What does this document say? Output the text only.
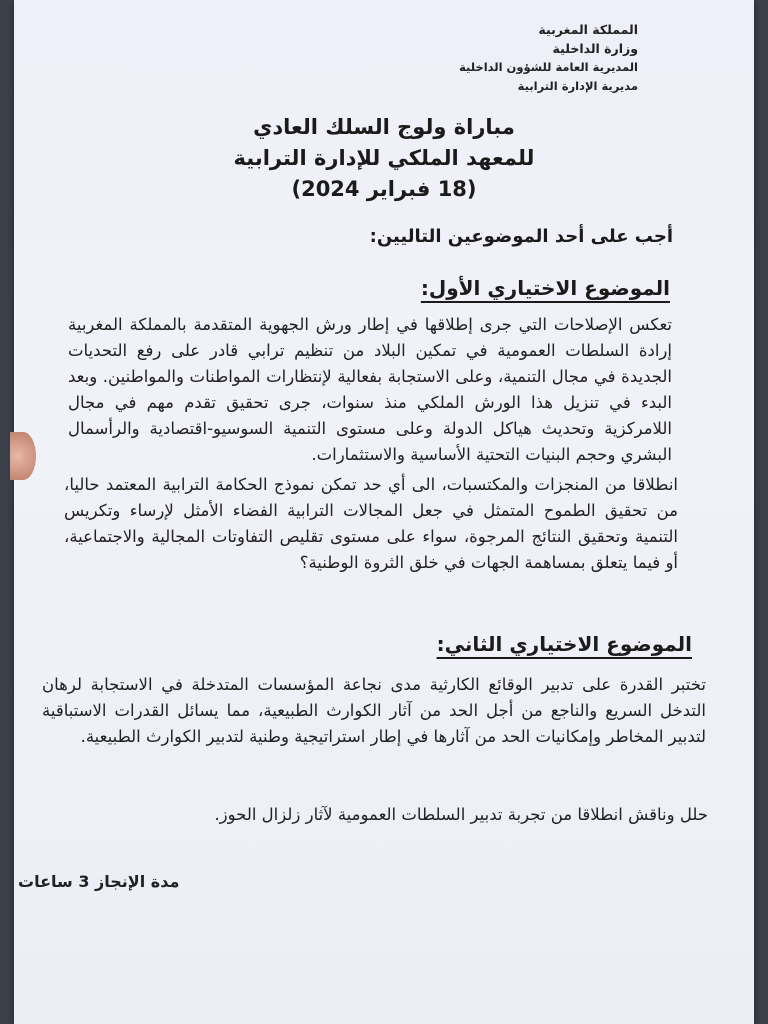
المملكة المغربية
وزارة الداخلية
المديرية العامة للشؤون الداخلية
مديرية الإدارة الترابية
مباراة ولوج السلك العادي
للمعهد الملكي للإدارة الترابية
(18 فبراير 2024)
أجب على أحد الموضوعين التاليين:
الموضوع الاختياري الأول:
تعكس الإصلاحات التي جرى إطلاقها في إطار ورش الجهوية المتقدمة بالمملكة المغربية إرادة السلطات العمومية في تمكين البلاد من تنظيم ترابي قادر على رفع التحديات الجديدة في مجال التنمية، وعلى الاستجابة بفعالية لإنتظارات المواطنات والمواطنين. وبعد البدء في تنزيل هذا الورش الملكي منذ سنوات، جرى تحقيق تقدم مهم في مجال اللامركزية وتحديث هياكل الدولة وعلى مستوى التنمية السوسيو-اقتصادية والرأسمال البشري وحجم البنيات التحتية الأساسية والاستثمارات.
انطلاقا من المنجزات والمكتسبات، الى أي حد تمكن نموذج الحكامة الترابية المعتمد حاليا، من تحقيق الطموح المتمثل في جعل المجالات الترابية الفضاء الأمثل لإرساء وتكريس التنمية وتحقيق النتائج المرجوة، سواء على مستوى تقليص التفاوتات المجالية والاجتماعية، أو فيما يتعلق بمساهمة الجهات في خلق الثروة الوطنية؟
الموضوع الاختياري الثاني:
تختبر القدرة على تدبير الوقائع الكارثية مدى نجاعة المؤسسات المتدخلة في الاستجابة لرهان التدخل السريع والناجع من أجل الحد من آثار الكوارث الطبيعية، مما يسائل القدرات الاستباقية لتدبير المخاطر وإمكانيات الحد من آثارها في إطار استراتيجية وطنية لتدبير الكوارث الطبيعية.
حلل وناقش انطلاقا من تجربة تدبير السلطات العمومية لآثار زلزال الحوز.
مدة الإنجاز 3 ساعات
